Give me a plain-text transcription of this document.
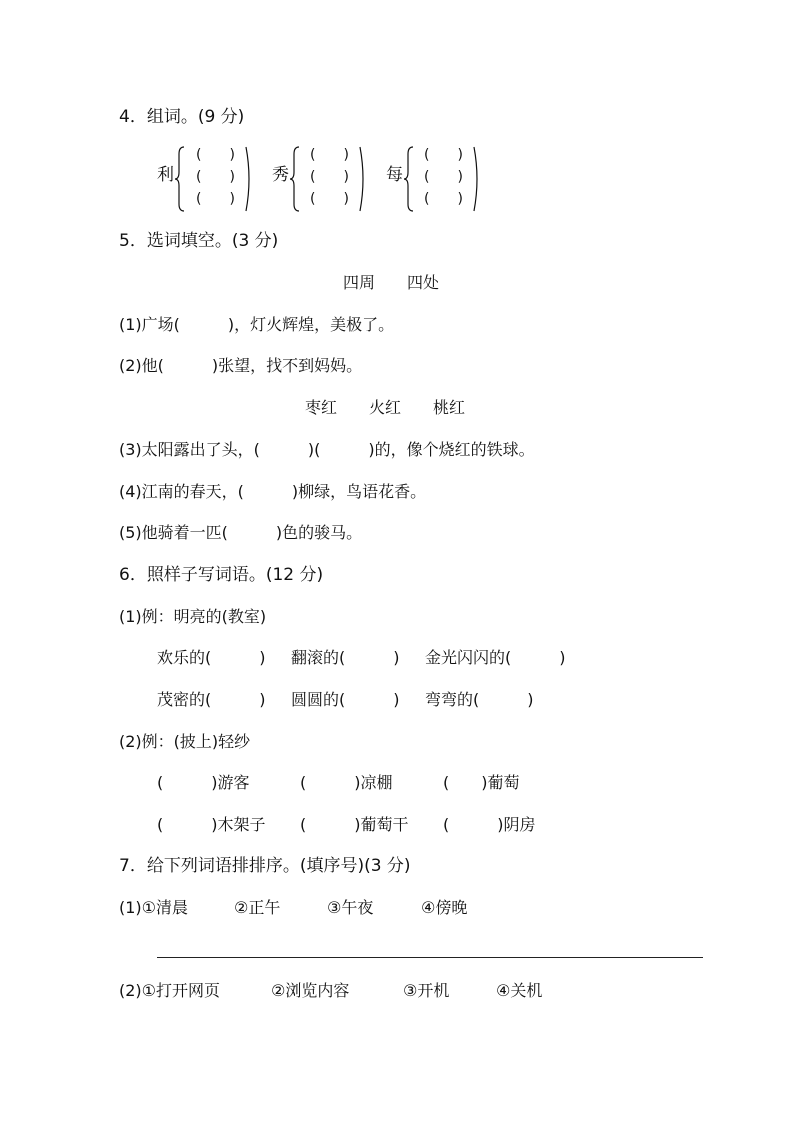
4．组词。(9 分)
利
(　　)
(　　)
(　　)
秀
(　　)
(　　)
(　　)
每
(　　)
(　　)
(　　)
5．选词填空。(3 分)
四周　　四处
(1)广场(　　　)，灯火辉煌，美极了。
(2)他(　　　)张望，找不到妈妈。
枣红　　火红　　桃红
(3)太阳露出了头，(　　　)(　　　)的，像个烧红的铁球。
(4)江南的春天，(　　　)柳绿，鸟语花香。
(5)他骑着一匹(　　　)色的骏马。
6．照样子写词语。(12 分)
(1)例：明亮的(教室)
欢乐的(　　　) 翻滚的(　　　) 金光闪闪的(　　　)
茂密的(　　　) 圆圆的(　　　) 弯弯的(　　　)
(2)例：(披上)轻纱
(　　　)游客	(　　　)凉棚	(　　)葡萄
(　　　)木架子 (　　　)葡萄干 (　　　)阴房
7．给下列词语排排序。(填序号)(3 分)
(1)①清晨	②正午	③午夜	④傍晚
(2)①打开网页	②浏览内容	③开机	④关机
